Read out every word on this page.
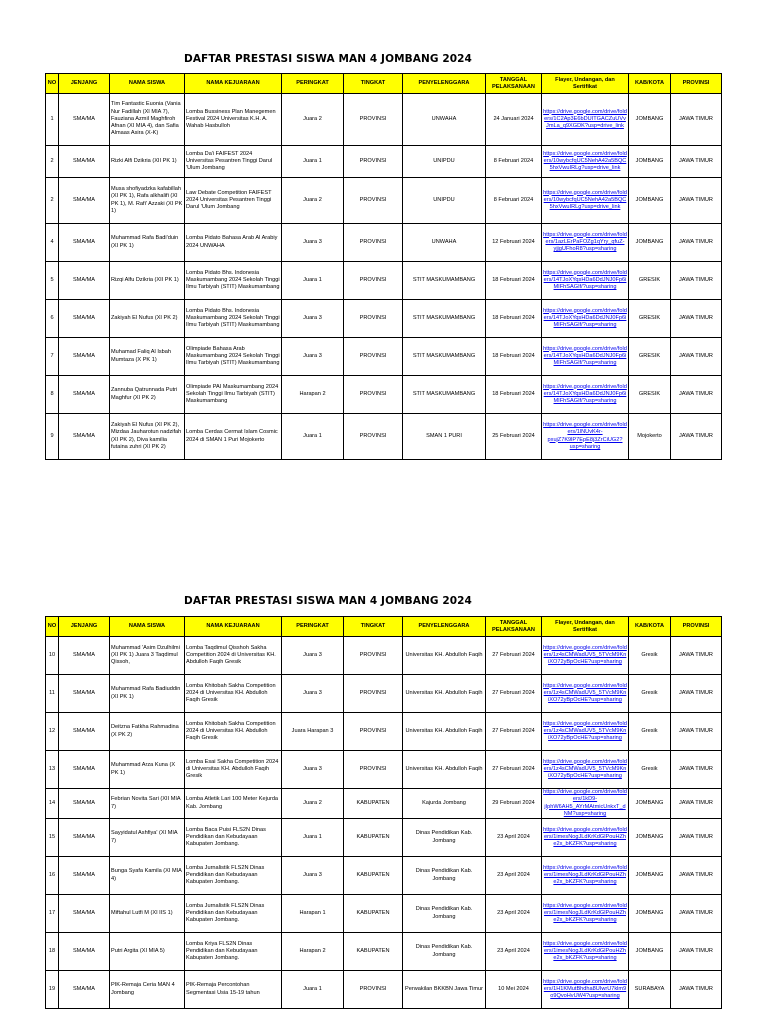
DAFTAR PRESTASI SISWA MAN 4 JOMBANG 2024
NO	JENJANG	NAMA SISWA	NAMA KEJUARAAN	PERINGKAT	TINGKAT	PENYELENGGARA	TANGGAL PELAKSANAAN	Flayer, Undangan, dan Sertifikat	KAB/KOTA	PROVINSI
1	SMA/MA	Tim Fantastic Euonia (Vania Nur Fadillah (XI MIA 7), Fauziana Azmil Maghfiroh Afnan (XI MIA 4), dan Safia Almaas Asira (X-K)	Lomba Bussiness Plan Manegemen Festival 2024 Universitas K.H. A. Wahab Hasbulloh	Juara 2	PROVINSI	UNWAHA	24 Januari 2024	https://drive.google.com/drive/folders/1C2Ap3E6bDUITGACZuUVvJmLa_q9XGDK?usp=drive_link	JOMBANG	JAWA TIMUR
2	SMA/MA	Rizki Alfi Dzikria (XII PK 1)	Lomba Da'i FAIFEST 2024 Universitas Pesantren Tinggi Darul 'Ulum Jombang	Juara 1	PROVINSI	UNIPDU	8 Februari 2024	https://drive.google.com/drive/folders/10wybcfqUC5NehA42a5BQC5hxVwuIRLg?usp=drive_link	JOMBANG	JAWA TIMUR
2	SMA/MA	Musa shofiyadzka kafabillah (XI PK 1), Rafa alkhalifi (XI PK 1), M. Rafi' Azzaki (XI PK 1)	Law Debate Competition FAIFEST 2024 Universitas Pesantren Tinggi Darul 'Ulum Jombang	Juara 2	PROVINSI	UNIPDU	8 Februari 2024	https://drive.google.com/drive/folders/10wybcfqUC5NehA42a5BQC5hxVwuIRLg?usp=drive_link	JOMBANG	JAWA TIMUR
4	SMA/MA	Muhammad Rafa Badi'duin (XI PK 1)	Lomba Pidato Bahasa Arab Al Arabiy 2024 UNWAHA	Juara 3	PROVINSI	UNWAHA	12 Februari 2024	https://drive.google.com/drive/folders/1azLErPaFOZg1qYry_qfuZ-yjjgUFhoR8?usp=sharing	JOMBANG	JAWA TIMUR
5	SMA/MA	Rizqi Alfu Dzikria (XII PK 1)	Lomba Pidato Bhs. Indonesia Maskumambang 2024 Sekolah Tinggi Ilmu Tarbiyah (STIT) Maskumambang	Juara 1	PROVINSI	STIT MASKUMAMBANG	18 Februari 2024	https://drive.google.com/drive/folders/14TJoXYqsHDa6DdJNJ0Fp6iMIFhSAGIf/?usp=sharing	GRESIK	JAWA TIMUR
6	SMA/MA	Zakiyah El Nufus (XI PK 2)	Lomba Pidato Bhs. Indonesia Maskumambang 2024 Sekolah Tinggi Ilmu Tarbiyah (STIT) Maskumambang	Juara 3	PROVINSI	STIT MASKUMAMBANG	18 Februari 2024	https://drive.google.com/drive/folders/14TJoXYqsHDa6DdJNJ0Fp6iMIFhSAGIf/?usp=sharing	GRESIK	JAWA TIMUR
7	SMA/MA	Muhamad Faliq Al Isbah Mumtaza (X PK 1)	Olimpiade Bahasa Arab Maskumambang 2024 Sekolah Tinggi Ilmu Tarbiyah (STIT) Maskumambang	Juara 3	PROVINSI	STIT MASKUMAMBANG	18 Februari 2024	https://drive.google.com/drive/folders/14TJoXYqsHDa6DdJNJ0Fp6iMIFhSAGIf/?usp=sharing	GRESIK	JAWA TIMUR
8	SMA/MA	Zannuba Qatrunnada Putri Maghfur (XI PK 2)	Olimpiade PAI Maskumambang 2024 Sekolah Tinggi Ilmu Tarbiyah (STIT) Maskumambang	Harapan 2	PROVINSI	STIT MASKUMAMBANG	18 Februari 2024	https://drive.google.com/drive/folders/14TJoXYqsHDa6DdJNJ0Fp6iMIFhSAGIf/?usp=sharing	GRESIK	JAWA TIMUR
9	SMA/MA	Zakiyah El Nufus (XI PK 2), Mizdaa Jauharotun nadzifah (XI PK 2), Diva kamilia futaina zuhri (XI PK 2)	Lomba Cerdas Cermat Islam Cosmic 2024 di SMAN 1 Puri Mojokerto	Juara 1	PROVINSI	SMAN 1 PURI	25 Februari 2024	https://drive.google.com/drive/folders/1lNUvK4r-pxujZ7K9lP7EpE8j3ZrCiUG2?usp=sharing	Mojokerto	JAWA TIMUR
DAFTAR PRESTASI SISWA MAN 4 JOMBANG 2024
NO	JENJANG	NAMA SISWA	NAMA KEJUARAAN	PERINGKAT	TINGKAT	PENYELENGGARA	TANGGAL PELAKSANAAN	Flayer, Undangan, dan Sertifikat	KAB/KOTA	PROVINSI
10	SMA/MA	Muhammad 'Asim Dzulhilmi (XI PK 1) Juara 3 Taqdimul Qissoh,	Lomba Taqdimul Qisshoh Sakha Competition 2024 di Universitas KH. Abdulloh Faqih Gresik	Juara 3	PROVINSI	Universitas KH. Abdulloh Faqih	27 Februari 2024	https://drive.google.com/drive/folders/1z4sCMWadUV5_5TVcM9KniXO72yBpOcHE?usp=sharing	Gresik	JAWA TIMUR
11	SMA/MA	Muhammad Rafa Badiuddin (XI PK 1)	Lomba Khitobah Sakha Competition 2024 di Universitas KH. Abdulloh Faqih Gresik	Juara 3	PROVINSI	Universitas KH. Abdulloh Faqih	27 Februari 2024	https://drive.google.com/drive/folders/1z4sCMWadUV5_5TVcM9KniXO72yBpOcHE?usp=sharing	Gresik	JAWA TIMUR
12	SMA/MA	Deitzna Fatkha Rahmadina (X PK 2)	Lomba Khitobah Sakha Competition 2024 di Universitas KH. Abdulloh Faqih Gresik	Juara Harapan 3	PROVINSI	Universitas KH. Abdulloh Faqih	27 Februari 2024	https://drive.google.com/drive/folders/1z4sCMWadUV5_5TVcM9KniXO72yBpOcHE?usp=sharing	Gresik	JAWA TIMUR
13	SMA/MA	Muhammad Arza Kuna (X PK 1)	Lomba Esai Sakha Competition 2024 di Universitas KH. Abdulloh Faqih Gresik	Juara 3	PROVINSI	Universitas KH. Abdulloh Faqih	27 Februari 2024	https://drive.google.com/drive/folders/1z4sCMWadUV5_5TVcM9KniXO72yBpOcHE?usp=sharing	Gresik	JAWA TIMUR
14	SMA/MA	Febrian Novita Sari (XII MIA 7)	Lomba Atletik Lari 100 Meter Kejurda Kab. Jombang	Juara 2	KABUPATEN	Kajurda Jombang	29 Februari 2024	https://drive.google.com/drive/folders/1kD9-jIphW6AH5_AYrMAtmicUnkxT_dNM?usp=sharing	JOMBANG	JAWA TIMUR
15	SMA/MA	Sayyidatul Ashfiya' (XI MIA 7)	Lomba Baca Puisi FLS2N Dinas Pendidikan dan Kebudayaan Kabupaten Jombang.	Juara 1	KABUPATEN	Dinas Pendidikan Kab. Jombang	23 April 2024	https://drive.google.com/drive/folders/1imesNogJLdKrKdGlPouHZhe2x_bKZFK?usp=sharing	JOMBANG	JAWA TIMUR
16	SMA/MA	Bunga Syafa Kamila (XI MIA 4)	Lomba Jurnalistik FLS2N Dinas Pendidikan dan Kebudayaan Kabupaten Jombang.	Juara 3	KABUPATEN	Dinas Pendidikan Kab. Jombang	23 April 2024	https://drive.google.com/drive/folders/1imesNogJLdKrKdGlPouHZhe2x_bKZFK?usp=sharing	JOMBANG	JAWA TIMUR
17	SMA/MA	Miftahul Lutfi M (XI IIS 1)	Lomba Jurnalistik FLS2N Dinas Pendidikan dan Kebudayaan Kabupaten Jombang.	Harapan 1	KABUPATEN	Dinas Pendidikan Kab. Jombang	23 April 2024	https://drive.google.com/drive/folders/1imesNogJLdKrKdGlPouHZhe2x_bKZFK?usp=sharing	JOMBANG	JAWA TIMUR
18	SMA/MA	Putri Argita (XI MIA 5)	Lomba Kriya FLS2N Dinas Pendidikan dan Kebudayaan Kabupaten Jombang.	Harapan 2	KABUPATEN	Dinas Pendidikan Kab. Jombang	23 April 2024	https://drive.google.com/drive/folders/1imesNogJLdKrKdGlPouHZhe2x_bKZFK?usp=sharing	JOMBANG	JAWA TIMUR
19	SMA/MA	PIK-Remaja Ceria MAN 4 Jombang	PIK-Remaja Percontohan Segmentasi Usia 15-19 tahun	Juara 1	PROVINSI	Perwakilan BKKBN Jawa Timur	10 Mei 2024	https://drive.google.com/drive/folders/1H1KMutBhdha8UIwrU7klm9o9QvoHvUW4?usp=sharing	SURABAYA	JAWA TIMUR
